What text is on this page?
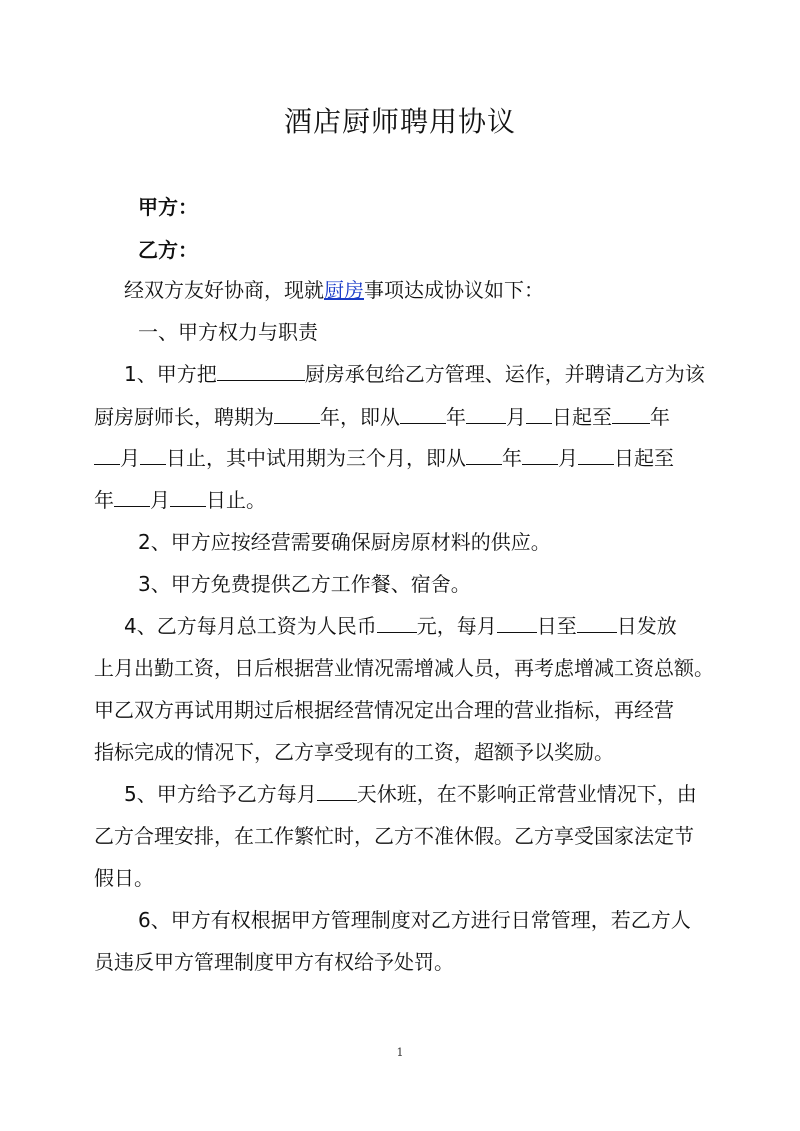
酒店厨师聘用协议
甲方：
乙方：
经双方友好协商，现就厨房事项达成协议如下：
一、甲方权力与职责
1、甲方把	厨房承包给乙方管理、运作，并聘请乙方为该
厨房厨师长，聘期为 年，即从 年 月 日起至 年
月 日止，其中试用期为三个月，即从 年 月 日起至
年 月 日止。
2、甲方应按经营需要确保厨房原材料的供应。
3、甲方免费提供乙方工作餐、宿舍。
4、乙方每月总工资为人民币 元，每月 日至 日发放
上月出勤工资，日后根据营业情况需增减人员，再考虑增减工资总额。
甲乙双方再试用期过后根据经营情况定出合理的营业指标，再经营
指标完成的情况下，乙方享受现有的工资，超额予以奖励。
5、甲方给予乙方每月 天休班，在不影响正常营业情况下，由
乙方合理安排，在工作繁忙时，乙方不准休假。乙方享受国家法定节
假日。
6、甲方有权根据甲方管理制度对乙方进行日常管理，若乙方人
员违反甲方管理制度甲方有权给予处罚。
1
